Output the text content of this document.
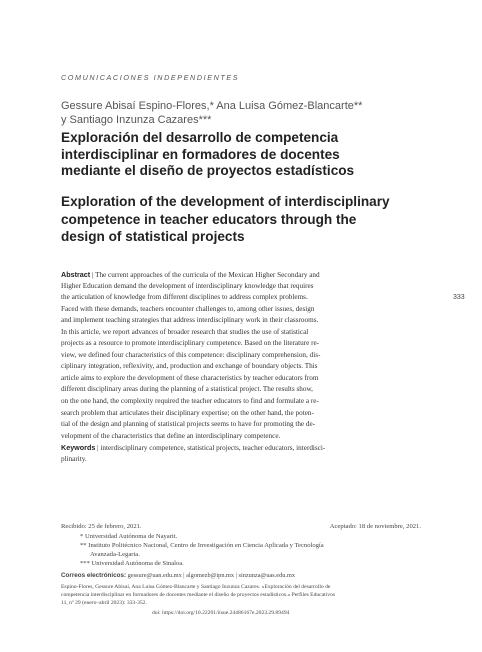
COMUNICACIONES INDEPENDIENTES
Gessure Abisaí Espino-Flores,* Ana Luisa Gómez-Blancarte**
y Santiago Inzunza Cazares***
Exploración del desarrollo de competencia
interdisciplinar en formadores de docentes
mediante el diseño de proyectos estadísticos
Exploration of the development of interdisciplinary
competence in teacher educators through the
design of statistical projects
333
Abstract | The current approaches of the curricula of the Mexican Higher Secondary and
Higher Education demand the development of interdisciplinary knowledge that requires
the articulation of knowledge from different disciplines to address complex problems.
Faced with these demands, teachers encounter challenges to, among other issues, design
and implement teaching strategies that address interdisciplinary work in their classrooms.
In this article, we report advances of broader research that studies the use of statistical
projects as a resource to promote interdisciplinary competence. Based on the literature re-
view, we defined four characteristics of this competence: disciplinary comprehension, dis-
ciplinary integration, reflexivity, and, production and exchange of boundary objects. This
article aims to explore the development of these characteristics by teacher educators from
different disciplinary areas during the planning of a statistical project. The results show,
on the one hand, the complexity required the teacher educators to find and formulate a re-
search problem that articulates their disciplinary expertise; on the other hand, the poten-
tial of the design and planning of statistical projects seems to have for promoting the de-
velopment of the characteristics that define an interdisciplinary competence.
Keywords | interdisciplinary competence, statistical projects, teacher educators, interdisci-
plinarity.
Recibido: 25 de febrero, 2021.	Aceptado: 18 de noviembre, 2021.
* Universidad Autónoma de Nayarit.
** Instituto Politécnico Nacional, Centro de Investigación en Ciencia Aplicada y Tecnología
Avanzada-Legaria.
*** Universidad Autónoma de Sinaloa.
Correos electrónicos: gessure@uan.edu.mx | algomezb@ipn.mx | sinzunza@uas.edu.mx
Espino-Flores, Gessure Abisaí, Ana Luisa Gómez-Blancarte y Santiago Inzunza Cazares. «Exploración del desarrollo de
competencia interdisciplinar en formadores de docentes mediante el diseño de proyectos estadísticos.» Perfiles Educativos
11, nº 29 (enero–abril 2023): 333-352.
doi: https://doi.org/10.22201/iisue.24486167e.2023.29.89494
